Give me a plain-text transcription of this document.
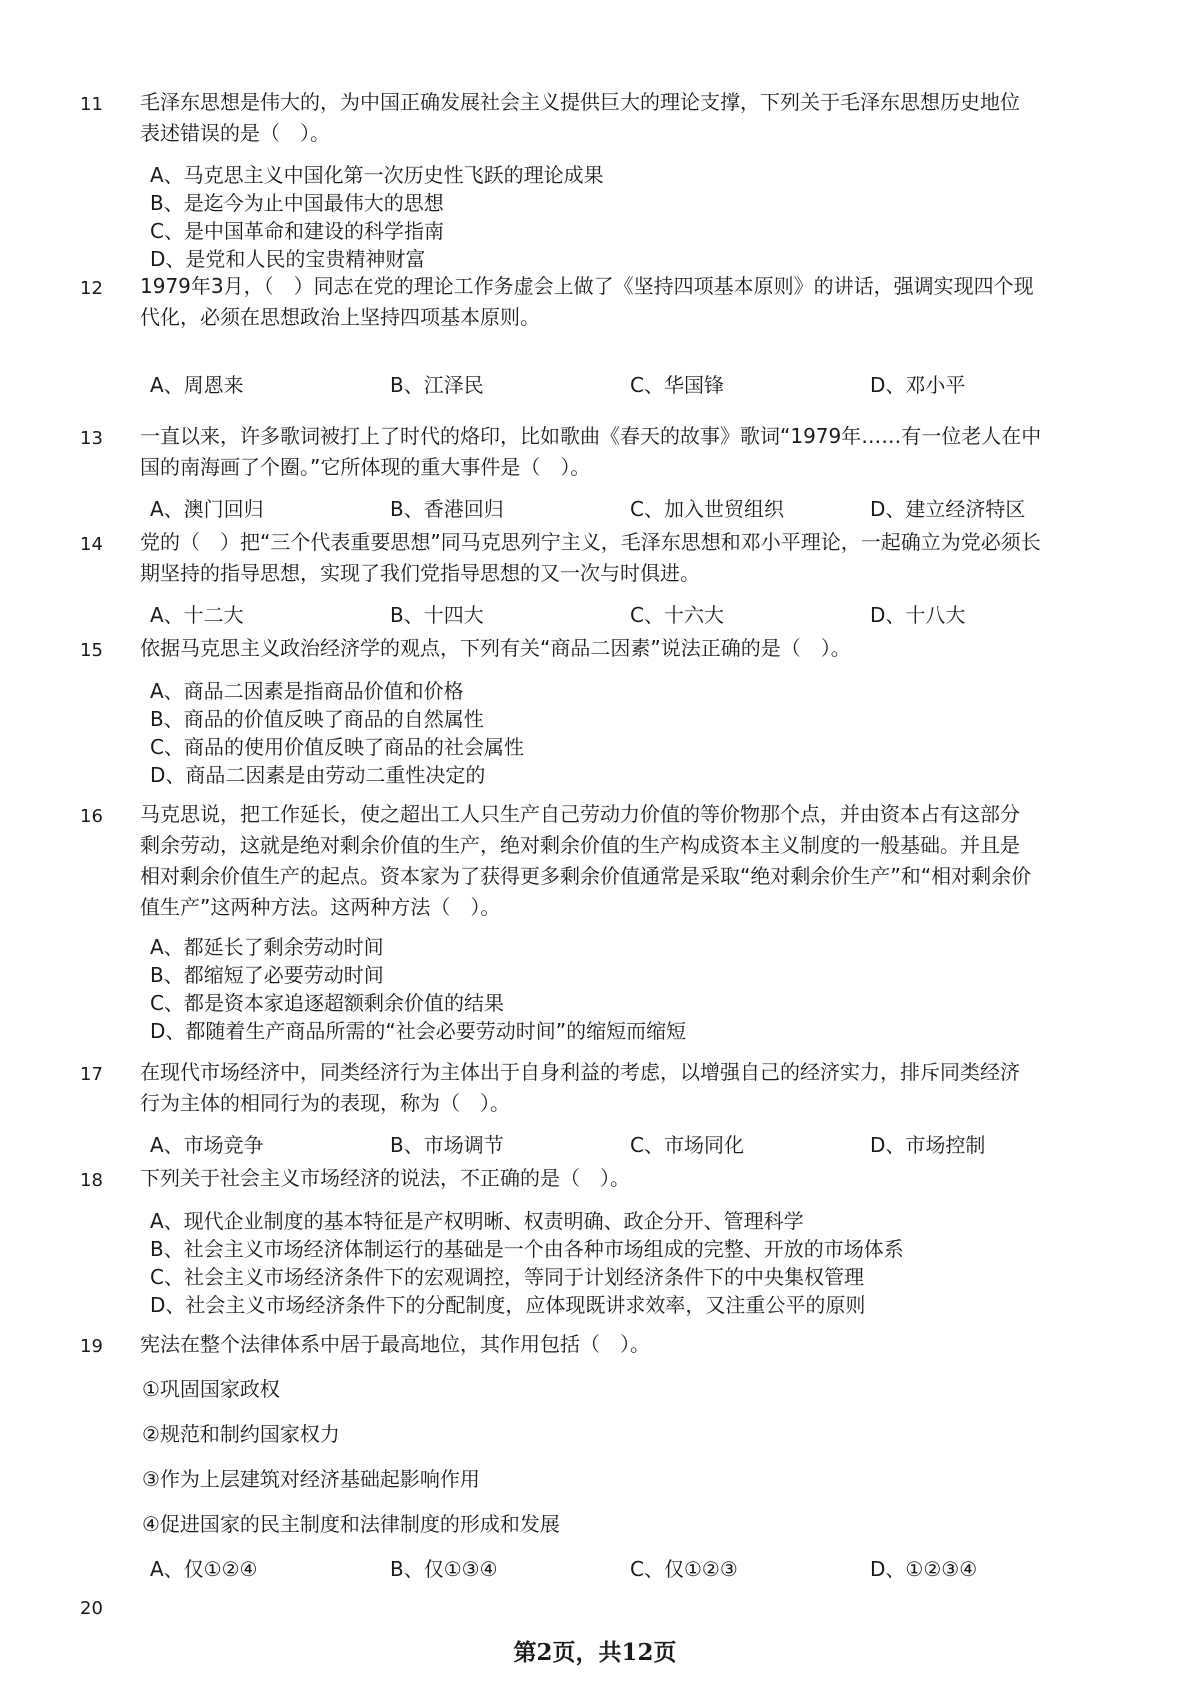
11 毛泽东思想是伟大的，为中国正确发展社会主义提供巨大的理论支撑，下列关于毛泽东思想历史地位
表述错误的是（　）。
A、马克思主义中国化第一次历史性飞跃的理论成果
B、是迄今为止中国最伟大的思想
C、是中国革命和建设的科学指南
D、是党和人民的宝贵精神财富
12 1979年3月，（　）同志在党的理论工作务虚会上做了《坚持四项基本原则》的讲话，强调实现四个现
代化，必须在思想政治上坚持四项基本原则。
A、周恩来	B、江泽民	C、华国锋	D、邓小平
13 一直以来，许多歌词被打上了时代的烙印，比如歌曲《春天的故事》歌词“1979年……有一位老人在中
国的南海画了个圈。”它所体现的重大事件是（　）。
A、澳门回归	B、香港回归	C、加入世贸组织	D、建立经济特区
14 党的（　）把“三个代表重要思想”同马克思列宁主义，毛泽东思想和邓小平理论，一起确立为党必须长
期坚持的指导思想，实现了我们党指导思想的又一次与时俱进。
A、十二大	B、十四大	C、十六大	D、十八大
15 依据马克思主义政治经济学的观点，下列有关“商品二因素”说法正确的是（　）。
A、商品二因素是指商品价值和价格
B、商品的价值反映了商品的自然属性
C、商品的使用价值反映了商品的社会属性
D、商品二因素是由劳动二重性决定的
16 马克思说，把工作延长，使之超出工人只生产自己劳动力价值的等价物那个点，并由资本占有这部分
剩余劳动，这就是绝对剩余价值的生产，绝对剩余价值的生产构成资本主义制度的一般基础。并且是
相对剩余价值生产的起点。资本家为了获得更多剩余价值通常是采取“绝对剩余价生产”和“相对剩余价
值生产”这两种方法。这两种方法（　）。
A、都延长了剩余劳动时间
B、都缩短了必要劳动时间
C、都是资本家追逐超额剩余价值的结果
D、都随着生产商品所需的“社会必要劳动时间”的缩短而缩短
17 在现代市场经济中，同类经济行为主体出于自身利益的考虑，以增强自己的经济实力，排斥同类经济
行为主体的相同行为的表现，称为（　）。
A、市场竞争	B、市场调节	C、市场同化	D、市场控制
18 下列关于社会主义市场经济的说法，不正确的是（　）。
A、现代企业制度的基本特征是产权明晰、权责明确、政企分开、管理科学
B、社会主义市场经济体制运行的基础是一个由各种市场组成的完整、开放的市场体系
C、社会主义市场经济条件下的宏观调控，等同于计划经济条件下的中央集权管理
D、社会主义市场经济条件下的分配制度，应体现既讲求效率，又注重公平的原则
19 宪法在整个法律体系中居于最高地位，其作用包括（　）。
①巩固国家政权
②规范和制约国家权力
③作为上层建筑对经济基础起影响作用
④促进国家的民主制度和法律制度的形成和发展
A、仅①②④	B、仅①③④	C、仅①②③	D、①②③④
20
第2页，共12页
